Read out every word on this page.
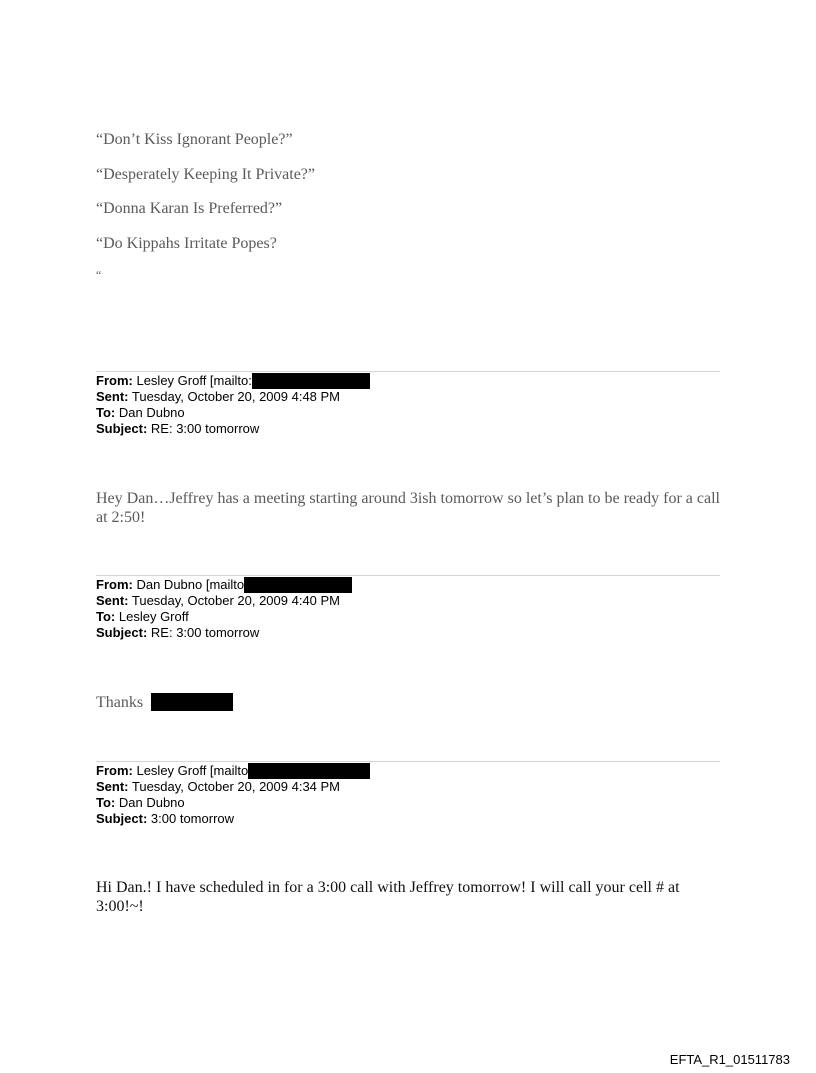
“Don’t Kiss Ignorant People?”
“Desperately Keeping It Private?”
“Donna Karan Is Preferred?”
“Do Kippahs Irritate Popes?
“
From: Lesley Groff [mailto:
Sent: Tuesday, October 20, 2009 4:48 PM
To: Dan Dubno
Subject: RE: 3:00 tomorrow
Hey Dan…Jeffrey has a meeting starting around 3ish tomorrow so let’s plan to be ready for a call at 2:50!
From: Dan Dubno [mailto
Sent: Tuesday, October 20, 2009 4:40 PM
To: Lesley Groff
Subject: RE: 3:00 tomorrow
Thanks
From: Lesley Groff [mailto
Sent: Tuesday, October 20, 2009 4:34 PM
To: Dan Dubno
Subject: 3:00 tomorrow
Hi Dan.! I have scheduled in for a 3:00 call with Jeffrey tomorrow! I will call your cell # at 3:00!~!
EFTA_R1_01511783
